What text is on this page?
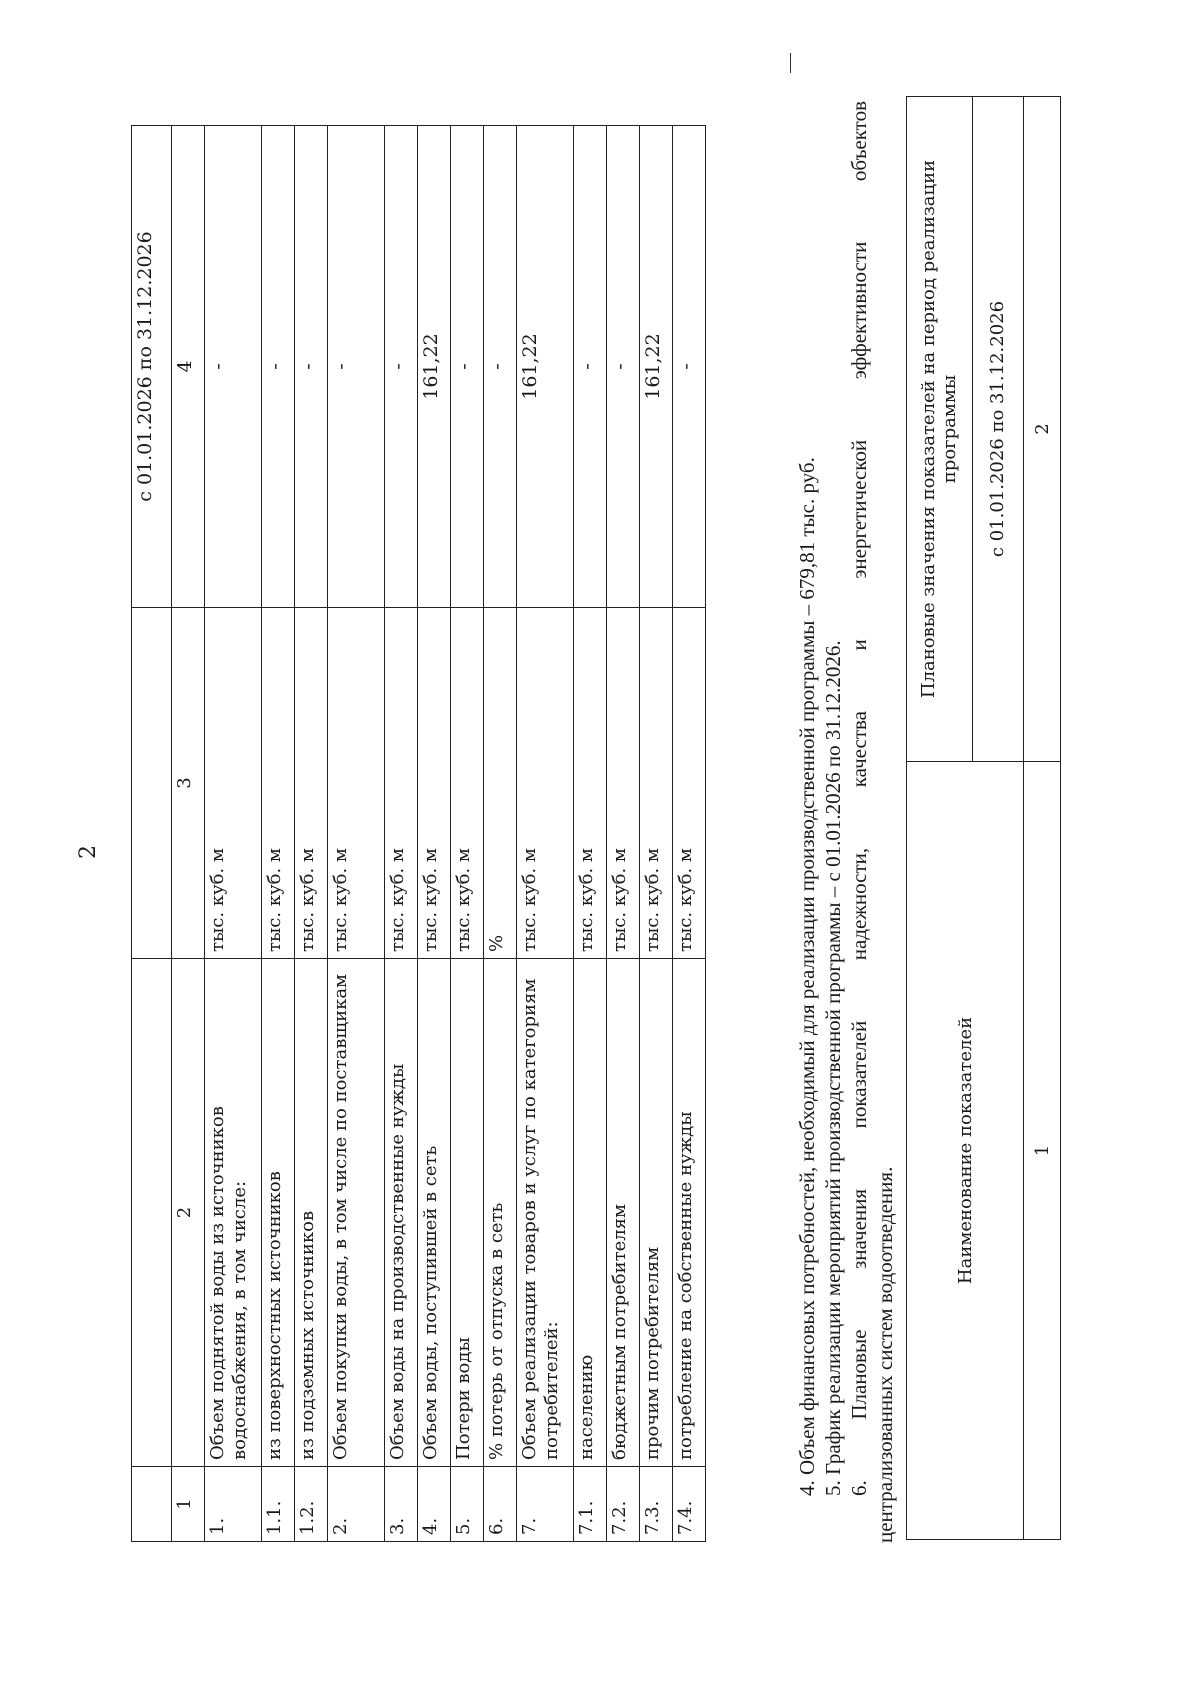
2
			с 01.01.2026 по 31.12.2026
1	2	3	4
1.	Объем поднятой воды из источников водоснабжения, в том числе:	тыс. куб. м	-
1.1.	из поверхностных источников	тыс. куб. м	-
1.2.	из подземных источников	тыс. куб. м	-
2.	Объем покупки воды, в том числе по поставщикам	тыс. куб. м	-
3.	Объем воды на производственные нужды	тыс. куб. м	-
4.	Объем воды, поступившей в сеть	тыс. куб. м	161,22
5.	Потери воды	тыс. куб. м	-
6.	% потерь от отпуска в сеть	%	-
7.	Объем реализации товаров и услуг по категориям потребителей:	тыс. куб. м	161,22
7.1.	населению	тыс. куб. м	-
7.2.	бюджетным потребителям	тыс. куб. м	-
7.3.	прочим потребителям	тыс. куб. м	161,22
7.4.	потребление на собственные нужды	тыс. куб. м	-
4. Объем финансовых потребностей, необходимый для реализации производственной программы – 679,81 тыс. руб. 5. График реализации мероприятий производственной программы – с 01.01.2026 по 31.12.2026. 6. Плановые значения показателей надежности, качества и энергетической эффективности объектов централизованных систем водоотведения.
Наименование показателей	Плановые значения показателей на период реализации программы
	с 01.01.2026 по 31.12.2026
1	2
